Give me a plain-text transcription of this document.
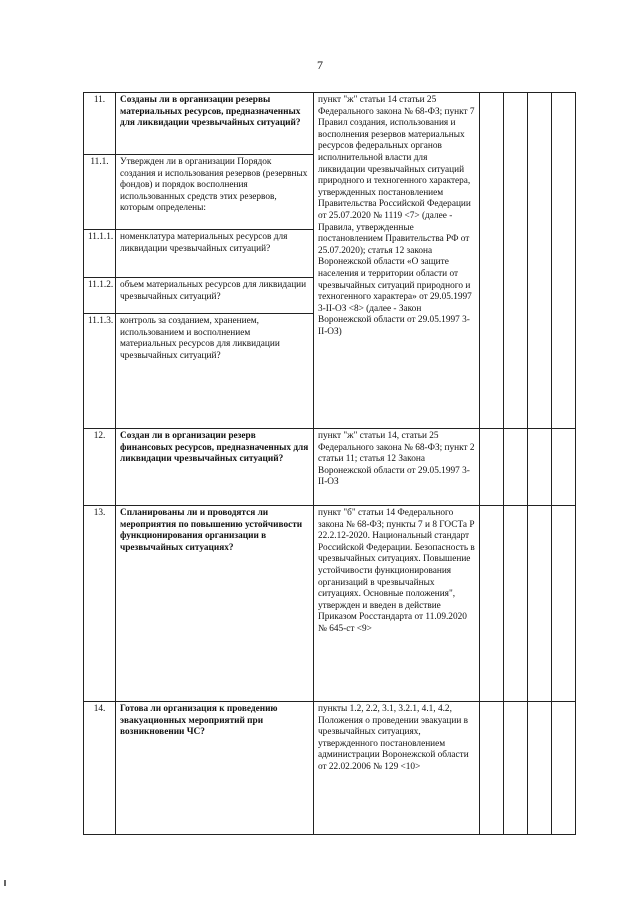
7
11.	Созданы ли в организации резервы материальных ресурсов, предназначенных для ликвидации чрезвычайных ситуаций?	пункт "ж" статьи 14 статьи 25 Федерального закона № 68-ФЗ; пункт 7 Правил создания, использования и восполнения резервов материальных ресурсов федеральных органов исполнительной власти для ликвидации чрезвычайных ситуаций природного и техногенного характера, утвержденных постановлением Правительства Российской Федерации от 25.07.2020 № 1119 <7> (далее - Правила, утвержденные постановлением Правительства РФ от 25.07.2020); статья 12 закона Воронежской области «О защите населения и территории области от чрезвычайных ситуаций природного и техногенного характера» от 29.05.1997 3-II-ОЗ <8> (далее - Закон Воронежской области от 29.05.1997 3-II-ОЗ)				
11.1.	Утвержден ли в организации Порядок создания и использования резервов (резервных фондов) и порядок восполнения использованных средств этих резервов, которым определены:					
11.1.1.	номенклатура материальных ресурсов для ликвидации чрезвычайных ситуаций?					
11.1.2.	объем материальных ресурсов для ликвидации чрезвычайных ситуаций?					
11.1.3.	контроль за созданием, хранением, использованием и восполнением материальных ресурсов для ликвидации чрезвычайных ситуаций?					
12.	Создан ли в организации резерв финансовых ресурсов, предназначенных для ликвидации чрезвычайных ситуаций?	пункт "ж" статьи 14, статьи 25 Федерального закона № 68-ФЗ; пункт 2 статьи 11; статья 12 Закона Воронежской области от 29.05.1997 3-II-ОЗ				
13.	Спланированы ли и проводятся ли мероприятия по повышению устойчивости функционирования организации в чрезвычайных ситуациях?	пункт "б" статьи 14 Федерального закона № 68-ФЗ; пункты 7 и 8 ГОСТа Р 22.2.12-2020. Национальный стандарт Российской Федерации. Безопасность в чрезвычайных ситуациях. Повышение устойчивости функционирования организаций в чрезвычайных ситуациях. Основные положения", утвержден и введен в действие Приказом Росстандарта от 11.09.2020 № 645-ст <9>				
14.	Готова ли организация к проведению эвакуационных мероприятий при возникновении ЧС?	пункты 1.2, 2.2, 3.1, 3.2.1, 4.1, 4.2, Положения о проведении эвакуации в чрезвычайных ситуациях, утвержденного постановлением администрации Воронежской области от 22.02.2006 № 129 <10>				
